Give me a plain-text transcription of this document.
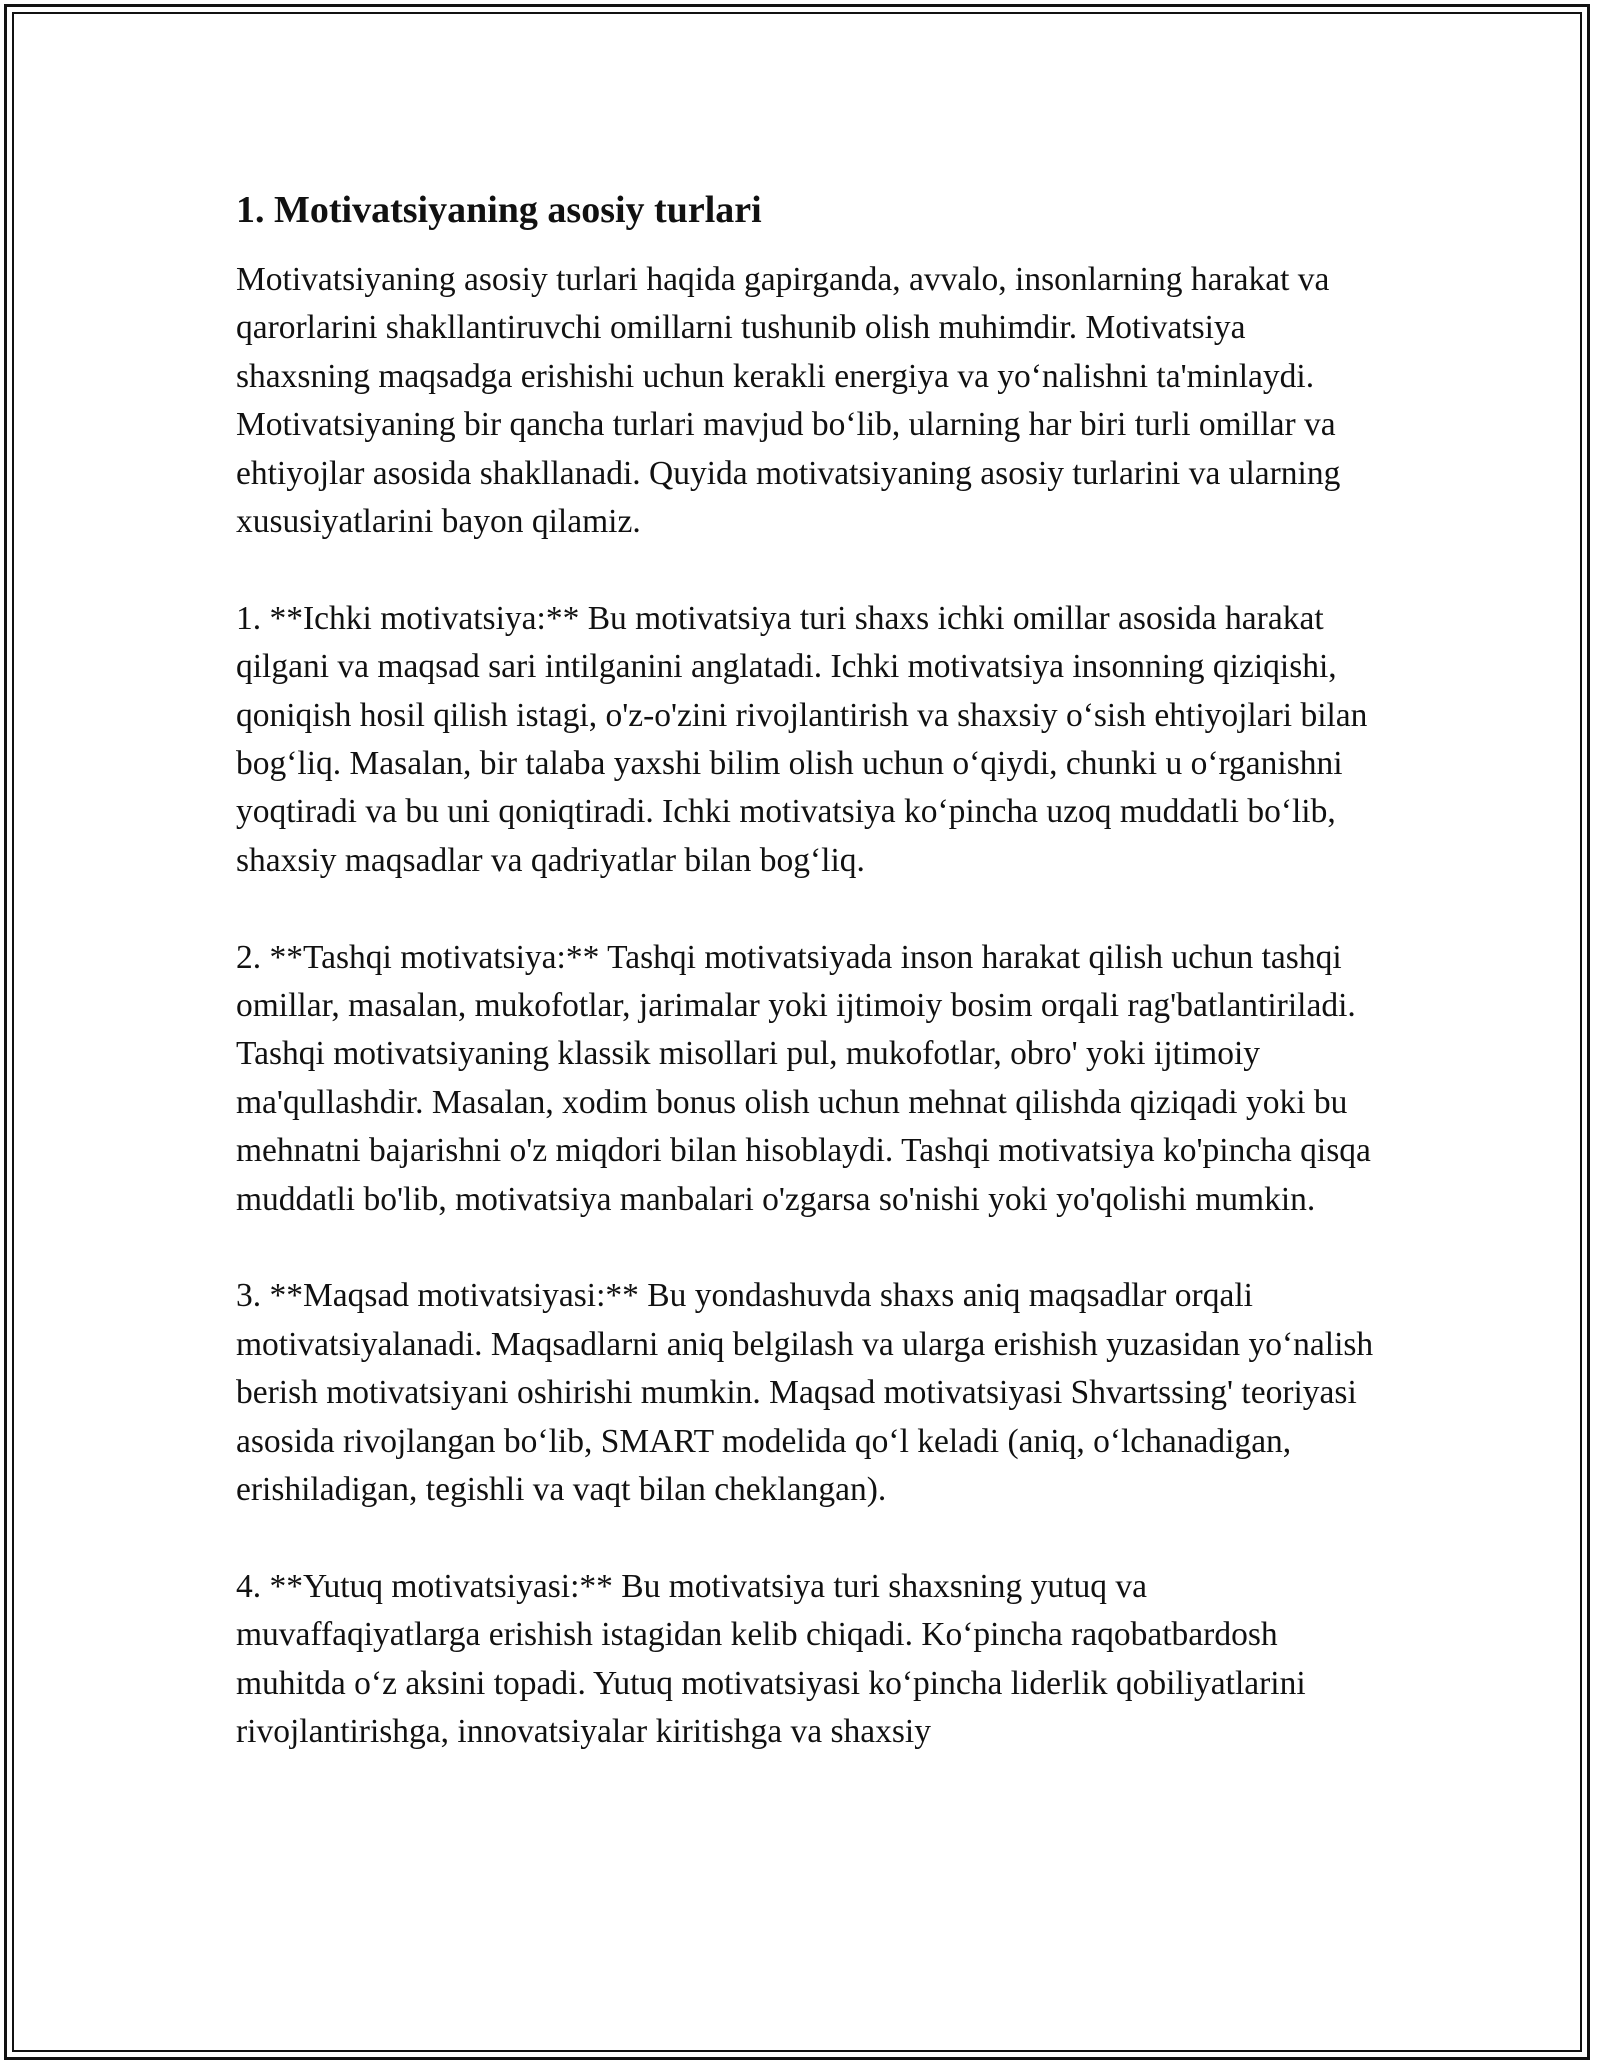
1. Motivatsiyaning asosiy turlari

Motivatsiyaning asosiy turlari haqida gapirganda, avvalo, insonlarning harakat va qarorlarini shakllantiruvchi omillarni tushunib olish muhimdir. Motivatsiya shaxsning maqsadga erishishi uchun kerakli energiya va yo‘nalishni ta'minlaydi. Motivatsiyaning bir qancha turlari mavjud bo‘lib, ularning har biri turli omillar va ehtiyojlar asosida shakllanadi. Quyida motivatsiyaning asosiy turlarini va ularning xususiyatlarini bayon qilamiz.

1. **Ichki motivatsiya:** Bu motivatsiya turi shaxs ichki omillar asosida harakat qilgani va maqsad sari intilganini anglatadi. Ichki motivatsiya insonning qiziqishi, qoniqish hosil qilish istagi, o'z-o'zini rivojlantirish va shaxsiy o‘sish ehtiyojlari bilan bog‘liq. Masalan, bir talaba yaxshi bilim olish uchun o‘qiydi, chunki u o‘rganishni yoqtiradi va bu uni qoniqtiradi. Ichki motivatsiya ko‘pincha uzoq muddatli bo‘lib, shaxsiy maqsadlar va qadriyatlar bilan bog‘liq.

2. **Tashqi motivatsiya:** Tashqi motivatsiyada inson harakat qilish uchun tashqi omillar, masalan, mukofotlar, jarimalar yoki ijtimoiy bosim orqali rag'batlantiriladi. Tashqi motivatsiyaning klassik misollari pul, mukofotlar, obro' yoki ijtimoiy ma'qullashdir. Masalan, xodim bonus olish uchun mehnat qilishda qiziqadi yoki bu mehnatni bajarishni o'z miqdori bilan hisoblaydi. Tashqi motivatsiya ko'pincha qisqa muddatli bo'lib, motivatsiya manbalari o'zgarsa so'nishi yoki yo'qolishi mumkin.

3. **Maqsad motivatsiyasi:** Bu yondashuvda shaxs aniq maqsadlar orqali motivatsiyalanadi. Maqsadlarni aniq belgilash va ularga erishish yuzasidan yo‘nalish berish motivatsiyani oshirishi mumkin. Maqsad motivatsiyasi Shvartssing' teoriyasi asosida rivojlangan bo‘lib, SMART modelida qo‘l keladi (aniq, o‘lchanadigan, erishiladigan, tegishli va vaqt bilan cheklangan).

4. **Yutuq motivatsiyasi:** Bu motivatsiya turi shaxsning yutuq va muvaffaqiyatlarga erishish istagidan kelib chiqadi. Ko‘pincha raqobatbardosh muhitda o‘z aksini topadi. Yutuq motivatsiyasi ko‘pincha liderlik qobiliyatlarini rivojlantirishga, innovatsiyalar kiritishga va shaxsiy
